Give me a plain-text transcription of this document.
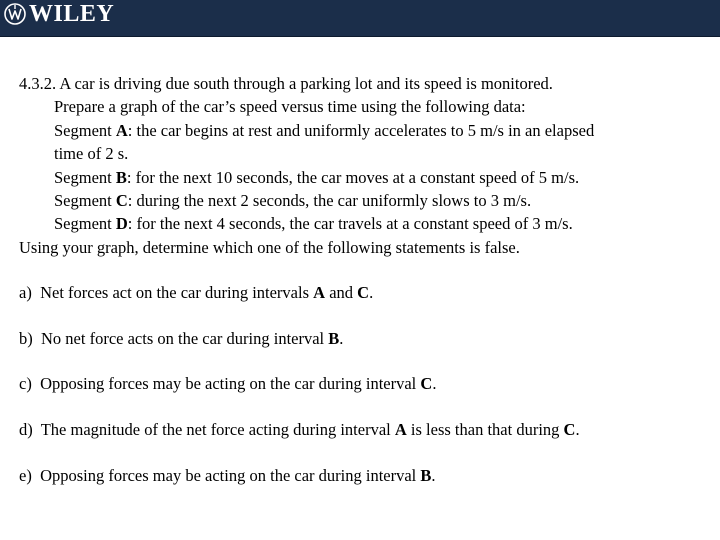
WILEY
4.3.2. A car is driving due south through a parking lot and its speed is monitored.
Prepare a graph of the car’s speed versus time using the following data:
Segment A: the car begins at rest and uniformly accelerates to 5 m/s in an elapsed
time of 2 s.
Segment B: for the next 10 seconds, the car moves at a constant speed of 5 m/s.
Segment C: during the next 2 seconds, the car uniformly slows to 3 m/s.
Segment D: for the next 4 seconds, the car travels at a constant speed of 3 m/s.
Using your graph, determine which one of the following statements is false.
a) Net forces act on the car during intervals A and C.
b) No net force acts on the car during interval B.
c) Opposing forces may be acting on the car during interval C.
d) The magnitude of the net force acting during interval A is less than that during C.
e) Opposing forces may be acting on the car during interval B.
